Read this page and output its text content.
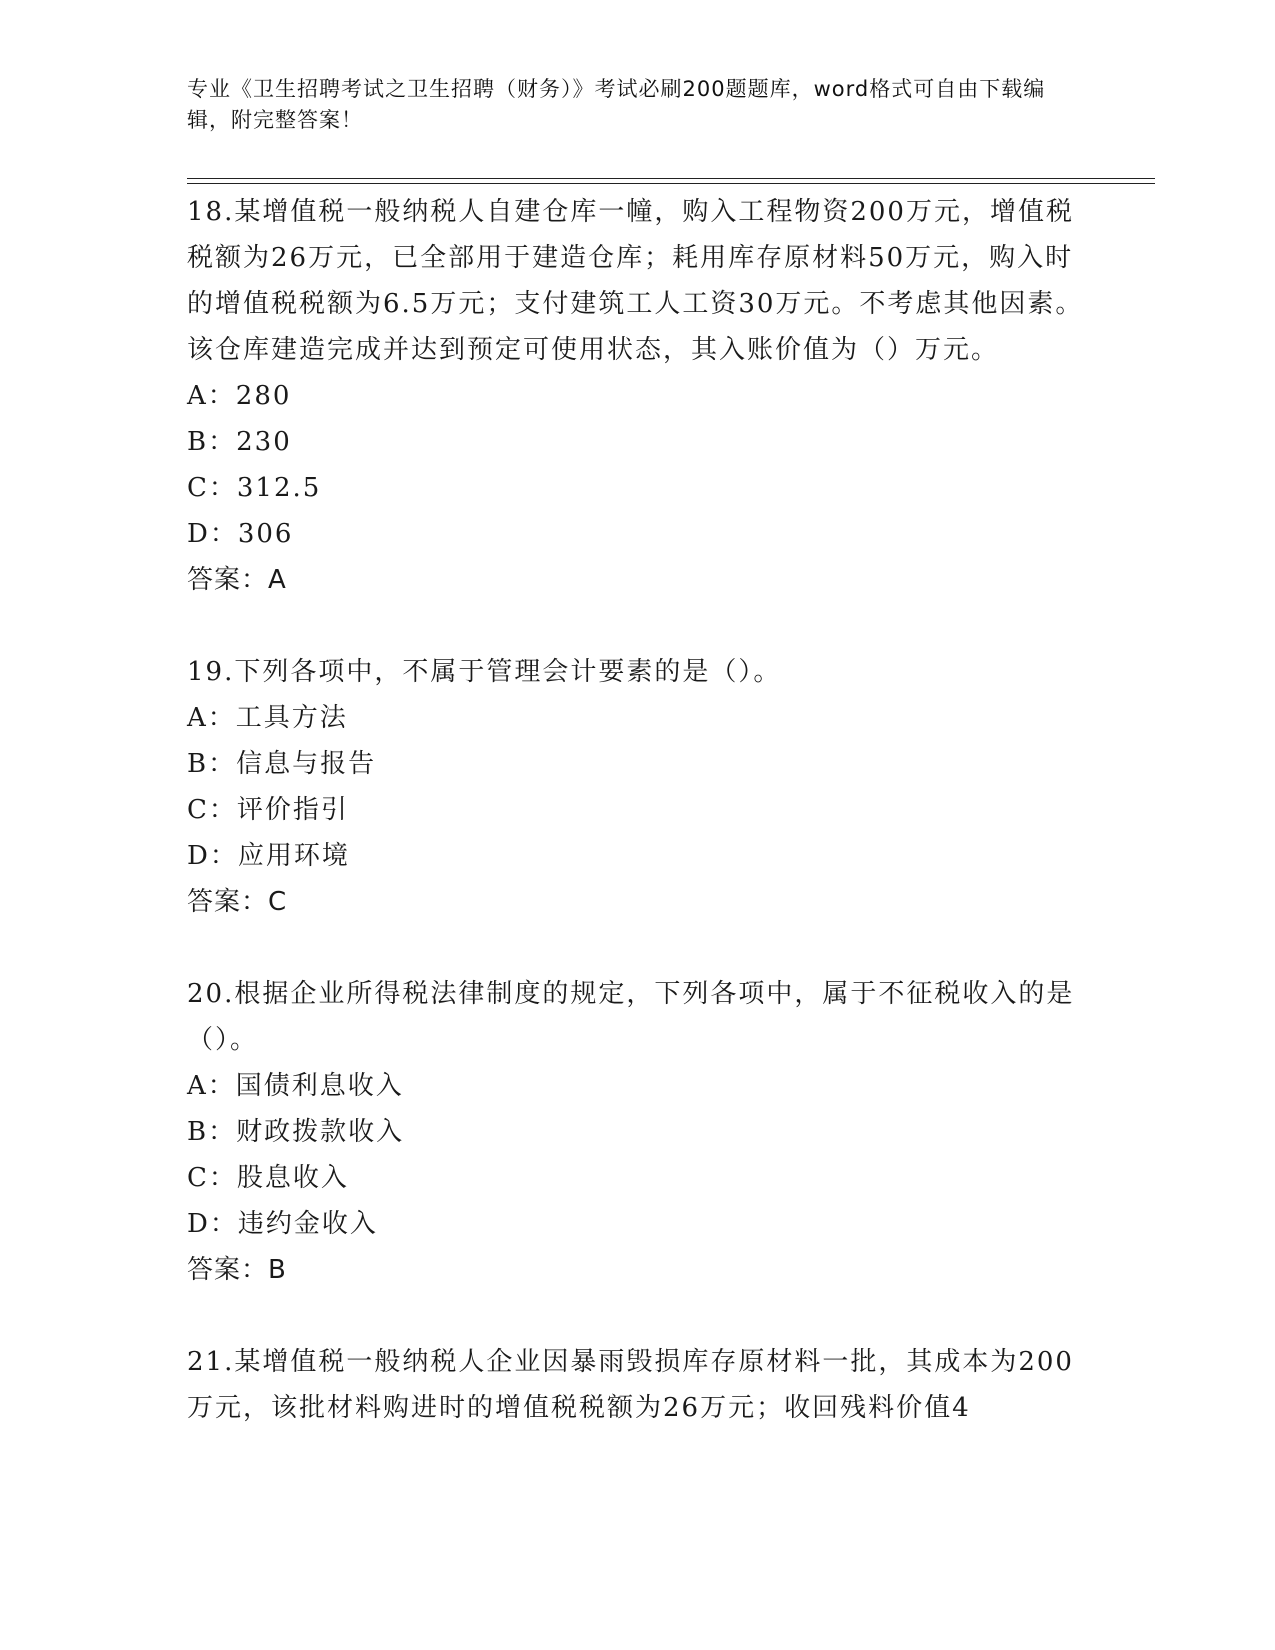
专业《卫生招聘考试之卫生招聘（财务）》考试必刷200题题库，word格式可自由下载编辑，附完整答案！
18.某增值税一般纳税人自建仓库一幢，购入工程物资200万元，增值税税额为26万元，已全部用于建造仓库；耗用库存原材料50万元，购入时的增值税税额为6.5万元；支付建筑工人工资30万元。不考虑其他因素。该仓库建造完成并达到预定可使用状态，其入账价值为（）万元。
A：280
B：230
C：312.5
D：306
答案：A
19.下列各项中，不属于管理会计要素的是（）。
A：工具方法
B：信息与报告
C：评价指引
D：应用环境
答案：C
20.根据企业所得税法律制度的规定，下列各项中，属于不征税收入的是（）。
A：国债利息收入
B：财政拨款收入
C：股息收入
D：违约金收入
答案：B
21.某增值税一般纳税人企业因暴雨毁损库存原材料一批，其成本为200万元，该批材料购进时的增值税税额为26万元；收回残料价值4
